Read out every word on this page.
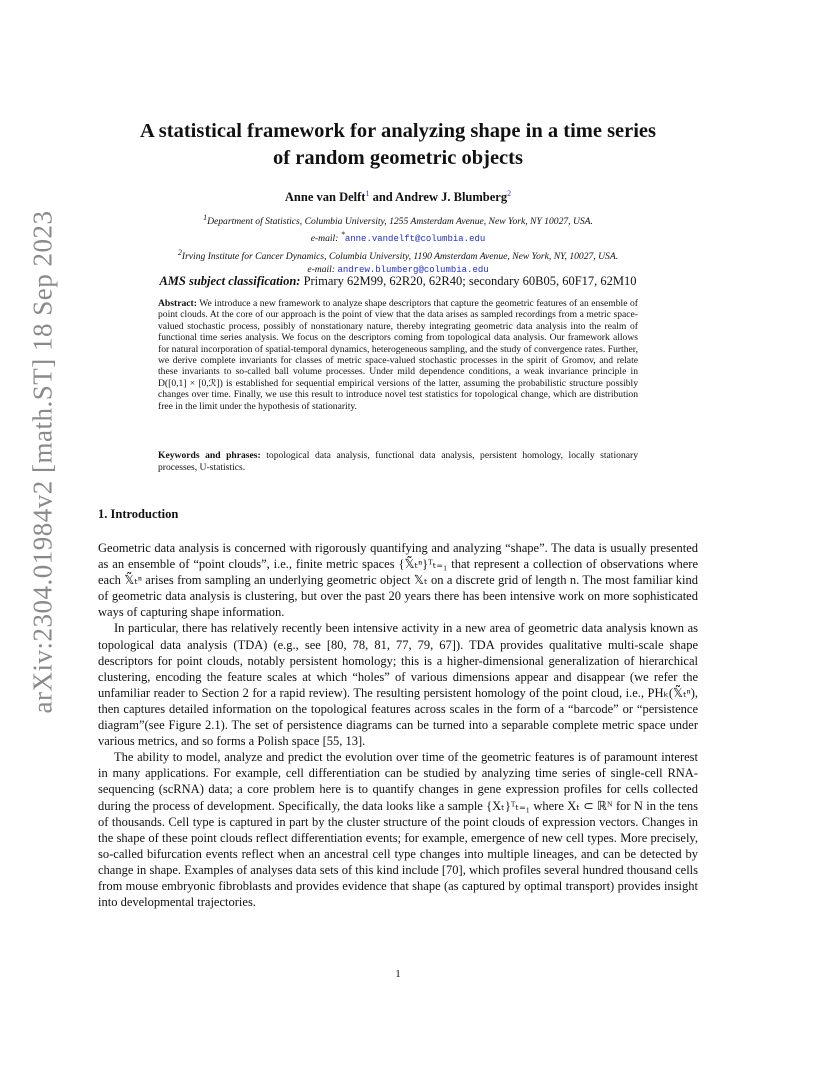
arXiv:2304.01984v2 [math.ST] 18 Sep 2023
A statistical framework for analyzing shape in a time series
of random geometric objects
Anne van Delft$^1$ and Andrew J. Blumberg$^2$
$^1$Department of Statistics, Columbia University, 1255 Amsterdam Avenue, New York, NY 10027, USA.
e-mail: *anne.vandelft@columbia.edu
$^2$Irving Institute for Cancer Dynamics, Columbia University, 1190 Amsterdam Avenue, New York, NY, 10027, USA.
e-mail: andrew.blumberg@columbia.edu
AMS subject classification: Primary 62M99, 62R20, 62R40; secondary 60B05, 60F17, 62M10
Abstract: We introduce a new framework to analyze shape descriptors that capture the geometric features of an ensemble of point clouds. At the core of our approach is the point of view that the data arises as sampled recordings from a metric space-valued stochastic process, possibly of nonstationary nature, thereby integrating geometric data analysis into the realm of functional time series analysis. We focus on the descriptors coming from topological data analysis. Our framework allows for natural incorporation of spatial-temporal dynamics, heterogeneous sampling, and the study of convergence rates. Further, we derive complete invariants for classes of metric space-valued stochastic processes in the spirit of Gromov, and relate these invariants to so-called ball volume processes. Under mild dependence conditions, a weak invariance principle in D([0,1] × [0,ℛ]) is established for sequential empirical versions of the latter, assuming the probabilistic structure possibly changes over time. Finally, we use this result to introduce novel test statistics for topological change, which are distribution free in the limit under the hypothesis of stationarity.
Keywords and phrases: topological data analysis, functional data analysis, persistent homology, locally stationary processes, U-statistics.
1. Introduction

Geometric data analysis is concerned with rigorously quantifying and analyzing “shape”. The data is usually presented as an ensemble of “point clouds”, i.e., finite metric spaces {𝕏̃ₜⁿ}ᵀₜ₌₁ that represent a collection of observations where each 𝕏̃ₜⁿ arises from sampling an underlying geometric object 𝕏ₜ on a discrete grid of length n. The most familiar kind of geometric data analysis is clustering, but over the past 20 years there has been intensive work on more sophisticated ways of capturing shape information.

In particular, there has relatively recently been intensive activity in a new area of geometric data analysis known as topological data analysis (TDA) (e.g., see [80, 78, 81, 77, 79, 67]). TDA provides qualitative multi-scale shape descriptors for point clouds, notably persistent homology; this is a higher-dimensional generalization of hierarchical clustering, encoding the feature scales at which “holes” of various dimensions appear and disappear (we refer the unfamiliar reader to Section 2 for a rapid review). The resulting persistent homology of the point cloud, i.e., PHₖ(𝕏̃ₜⁿ), then captures detailed information on the topological features across scales in the form of a “barcode” or “persistence diagram”(see Figure 2.1). The set of persistence diagrams can be turned into a separable complete metric space under various metrics, and so forms a Polish space [55, 13].

The ability to model, analyze and predict the evolution over time of the geometric features is of paramount interest in many applications. For example, cell differentiation can be studied by analyzing time series of single-cell RNA-sequencing (scRNA) data; a core problem here is to quantify changes in gene expression profiles for cells collected during the process of development. Specifically, the data looks like a sample {Xₜ}ᵀₜ₌₁ where Xₜ ⊂ ℝᴺ for N in the tens of thousands. Cell type is captured in part by the cluster structure of the point clouds of expression vectors. Changes in the shape of these point clouds reflect differentiation events; for example, emergence of new cell types. More precisely, so-called bifurcation events reflect when an ancestral cell type changes into multiple lineages, and can be detected by change in shape. Examples of analyses data sets of this kind include [70], which profiles several hundred thousand cells from mouse embryonic fibroblasts and provides evidence that shape (as captured by optimal transport) provides insight into developmental trajectories.

1
